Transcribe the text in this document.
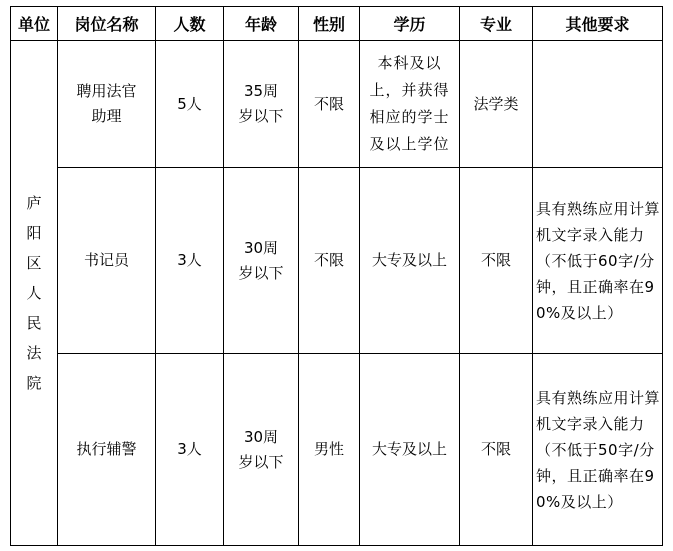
单位	岗位名称	人数	年龄	性别	学历	专业	其他要求
庐阳区人民法院	聘用法官助理	5人	35周岁以下	不限	本科及以上，并获得相应的学士及以上学位	法学类	

	书记员	3人	30周岁以下	不限	大专及以上	不限	具有熟练应用计算机文字录入能力（不低于60字/分钟，且正确率在90%及以上）

	执行辅警	3人	30周岁以下	男性	大专及以上	不限	具有熟练应用计算机文字录入能力（不低于50字/分钟，且正确率在90%及以上）
